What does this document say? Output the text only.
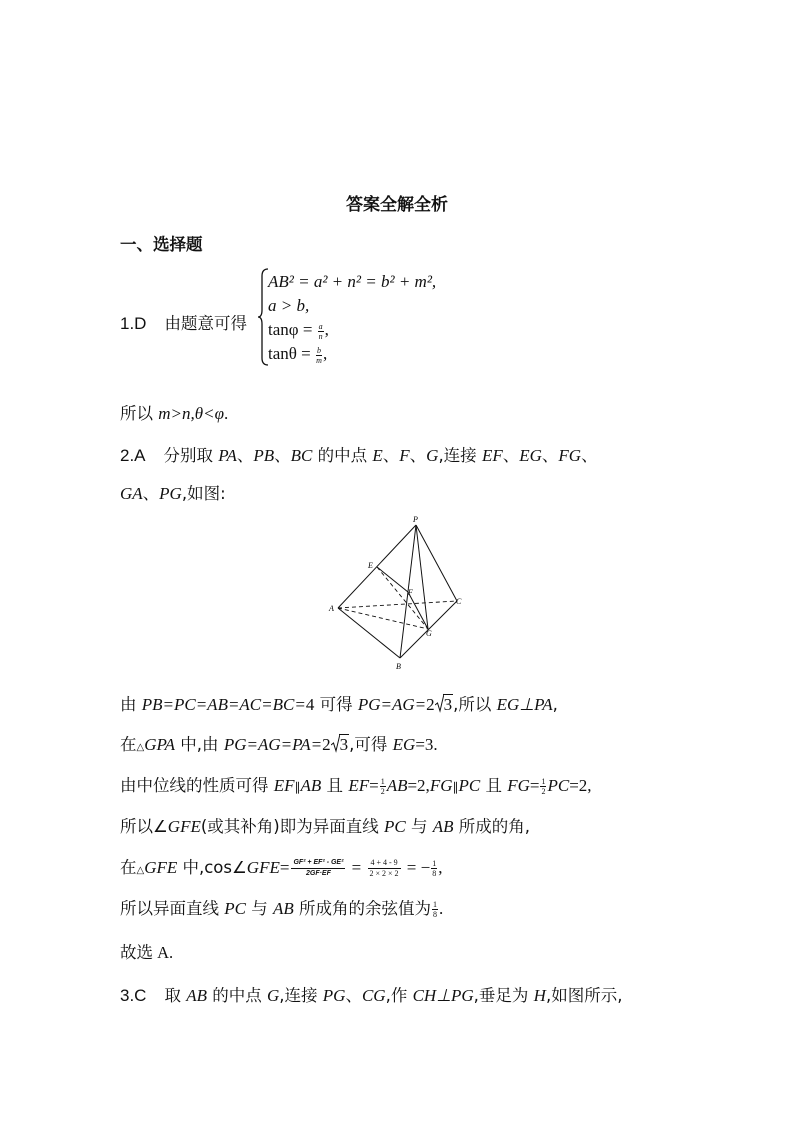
答案全解全析
一、选择题
1.D 由题意可得
AB² = a² + n² = b² + m²,
a > b,
$\tan\varphi = \frac{a}{n}$ ,
$\tan\theta = \frac{b}{m}$ ,
所以 m>n,θ<φ.
2.A 分别取 PA、PB、BC 的中点 E、F、G,连接 EF、EG、FG、
GA、PG,如图:
P
E
F
A
C
G
B
由 PB=PC=AB=AC=BC=4 可得 PG=AG=2 3,所以 EG⊥PA,
在△GPA 中,由 PG=AG=PA=2 3,可得 EG=3.
由中位线的性质可得 EF∥AB 且 $EF= \frac{1}{2}$ AB=2,FG∥PC 且 $FG= \frac{1}{2} PC=2$,
所以∠GFE(或其补角)即为异面直线 PC 与 AB 所成的角,
在△GFE 中,cos∠GFE= $\frac{\text{GF² + EF² - GE²}}{2GF\cdot EF} = \frac{4 + 4 - 9}{2 \times 2 \times 2}$ = − $\frac{1}{8}$ ,
所以异面直线 PC 与 AB 所成角的余弦值为 $\frac{1}{8}$ .
故选 A.
3.C 取 AB 的中点 G,连接 PG、CG,作 CH⊥PG,垂足为 H,如图所示,
